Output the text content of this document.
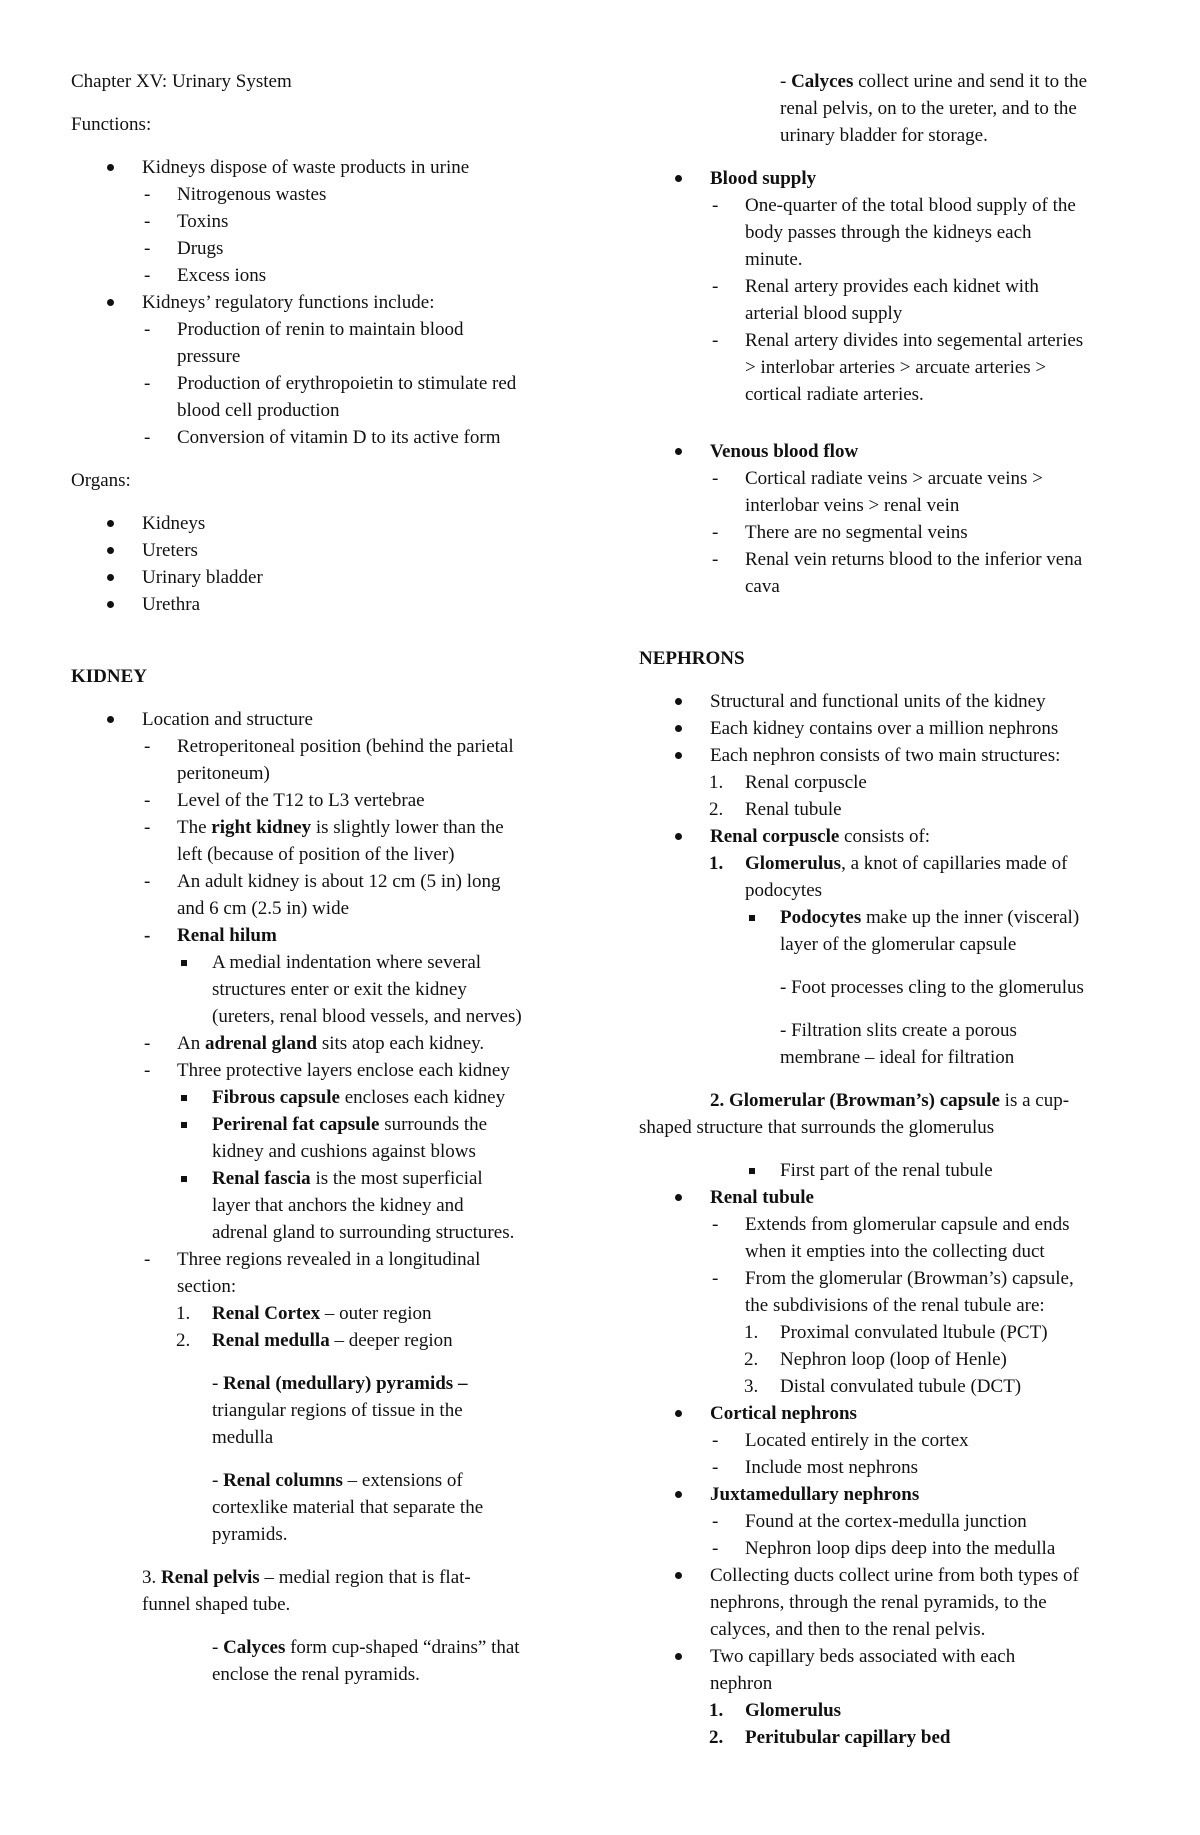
Chapter XV: Urinary System
Functions:
Kidneys dispose of waste products in urine
- Nitrogenous wastes
- Toxins
- Drugs
- Excess ions
Kidneys’ regulatory functions include:
- Production of renin to maintain blood
pressure
- Production of erythropoietin to stimulate red
blood cell production
- Conversion of vitamin D to its active form
Organs:
Kidneys
Ureters
Urinary bladder
Urethra
KIDNEY
Location and structure
- Retroperitoneal position (behind the parietal
peritoneum)
- Level of the T12 to L3 vertebrae
- The right kidney is slightly lower than the
left (because of position of the liver)
- An adult kidney is about 12 cm (5 in) long
and 6 cm (2.5 in) wide
- Renal hilum
A medial indentation where several
structures enter or exit the kidney
(ureters, renal blood vessels, and nerves)
- An adrenal gland sits atop each kidney.
- Three protective layers enclose each kidney
Fibrous capsule encloses each kidney
Perirenal fat capsule surrounds the
kidney and cushions against blows
Renal fascia is the most superficial
layer that anchors the kidney and
adrenal gland to surrounding structures.
- Three regions revealed in a longitudinal
section:
1. Renal Cortex – outer region
2. Renal medulla – deeper region
- Renal (medullary) pyramids –
triangular regions of tissue in the
medulla
- Renal columns – extensions of
cortexlike material that separate the
pyramids.
3. Renal pelvis – medial region that is flat-
funnel shaped tube.
- Calyces form cup-shaped “drains” that
enclose the renal pyramids.
- Calyces collect urine and send it to the
renal pelvis, on to the ureter, and to the
urinary bladder for storage.
Blood supply
- One-quarter of the total blood supply of the
body passes through the kidneys each
minute.
- Renal artery provides each kidnet with
arterial blood supply
- Renal artery divides into segemental arteries
> interlobar arteries > arcuate arteries >
cortical radiate arteries.
Venous blood flow
- Cortical radiate veins > arcuate veins >
interlobar veins > renal vein
- There are no segmental veins
- Renal vein returns blood to the inferior vena
cava
NEPHRONS
Structural and functional units of the kidney
Each kidney contains over a million nephrons
Each nephron consists of two main structures:
1. Renal corpuscle
2. Renal tubule
Renal corpuscle consists of:
1. Glomerulus, a knot of capillaries made of
podocytes
Podocytes make up the inner (visceral)
layer of the glomerular capsule
- Foot processes cling to the glomerulus
- Filtration slits create a porous
membrane – ideal for filtration
2. Glomerular (Browman’s) capsule is a cup-
shaped structure that surrounds the glomerulus
First part of the renal tubule
Renal tubule
- Extends from glomerular capsule and ends
when it empties into the collecting duct
- From the glomerular (Browman’s) capsule,
the subdivisions of the renal tubule are:
1. Proximal convulated ltubule (PCT)
2. Nephron loop (loop of Henle)
3. Distal convulated tubule (DCT)
Cortical nephrons
- Located entirely in the cortex
- Include most nephrons
Juxtamedullary nephrons
- Found at the cortex-medulla junction
- Nephron loop dips deep into the medulla
Collecting ducts collect urine from both types of
nephrons, through the renal pyramids, to the
calyces, and then to the renal pelvis.
Two capillary beds associated with each
nephron
1. Glomerulus
2. Peritubular capillary bed
